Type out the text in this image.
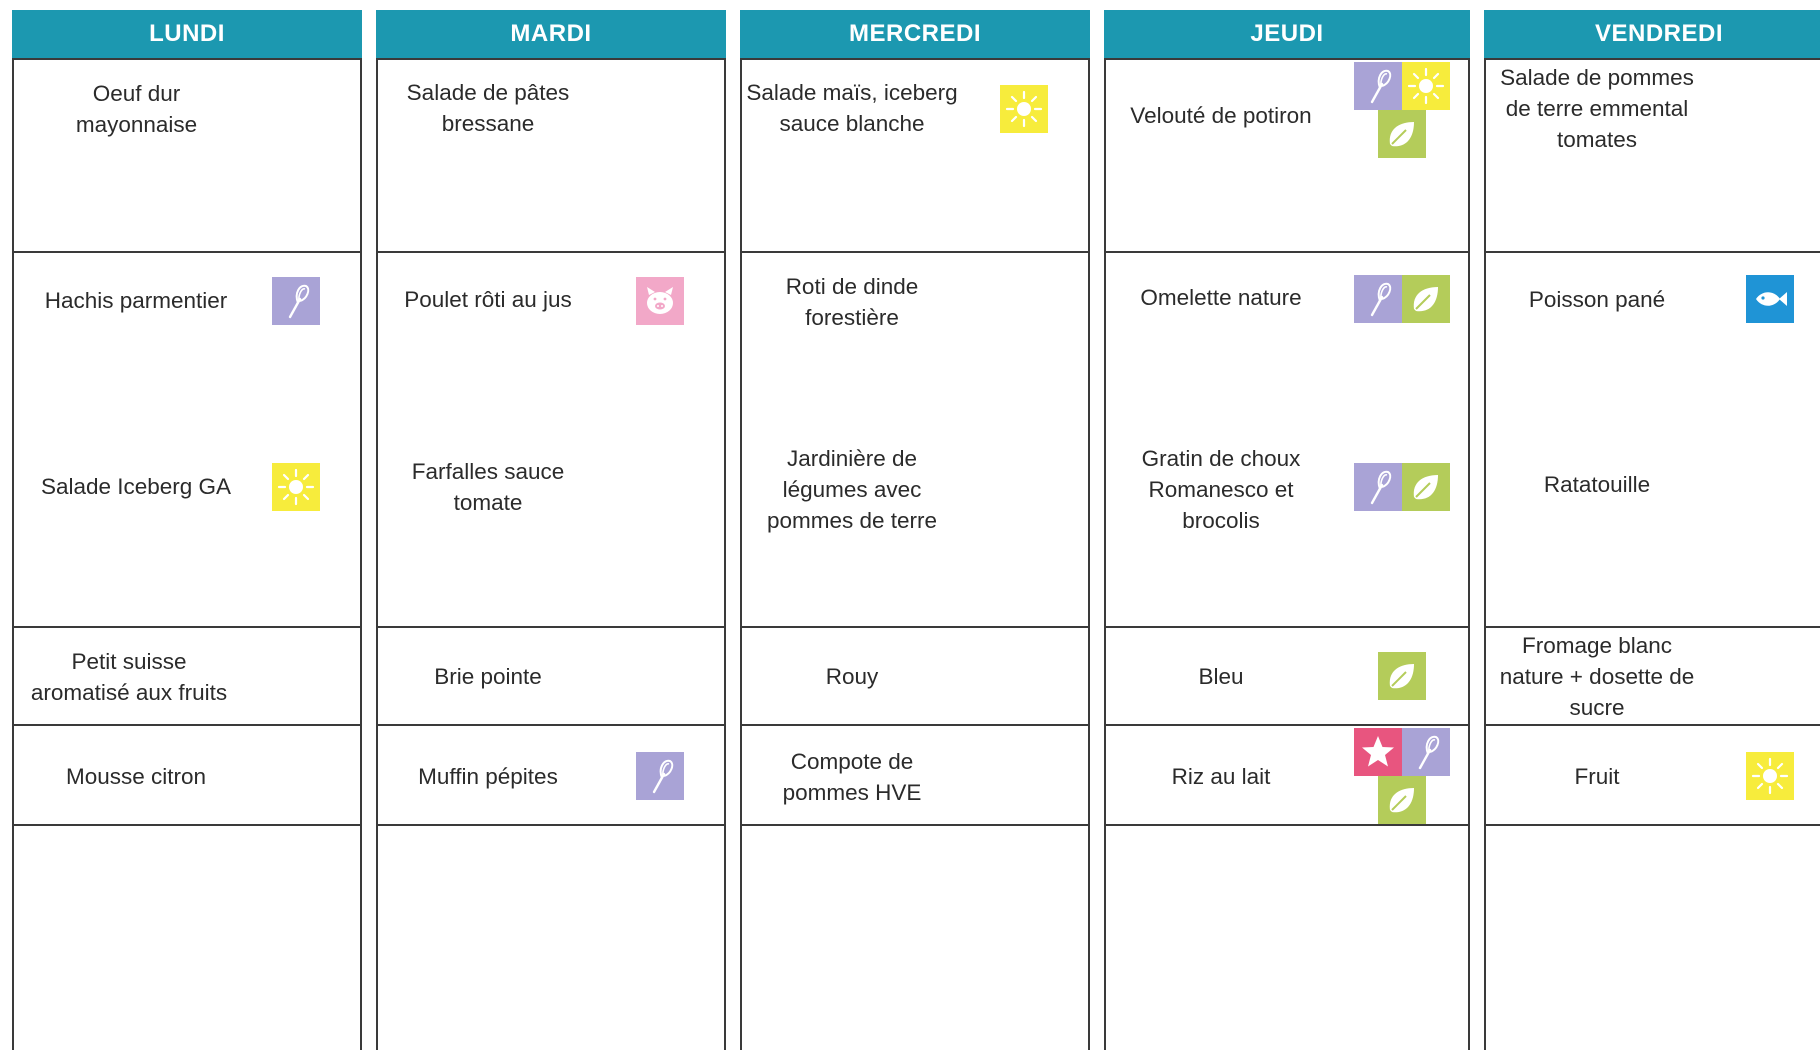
LUNDI
Oeuf dur
mayonnaise
Hachis parmentier
Salade Iceberg GA
Petit suisse
aromatisé aux fruits
Mousse citron
MARDI
Salade de pâtes
bressane
Poulet rôti au jus
Farfalles sauce
tomate
Brie pointe
Muffin pépites
MERCREDI
Salade maïs, iceberg
sauce blanche
Roti de dinde
forestière
Jardinière de
légumes avec
pommes de terre
Rouy
Compote de
pommes HVE
JEUDI
Velouté de potiron
Omelette nature
Gratin de choux
Romanesco et
brocolis
Bleu
Riz au lait
VENDREDI
Salade de pommes
de terre emmental
tomates
Poisson pané
Ratatouille
Fromage blanc
nature + dosette de
sucre
Fruit
